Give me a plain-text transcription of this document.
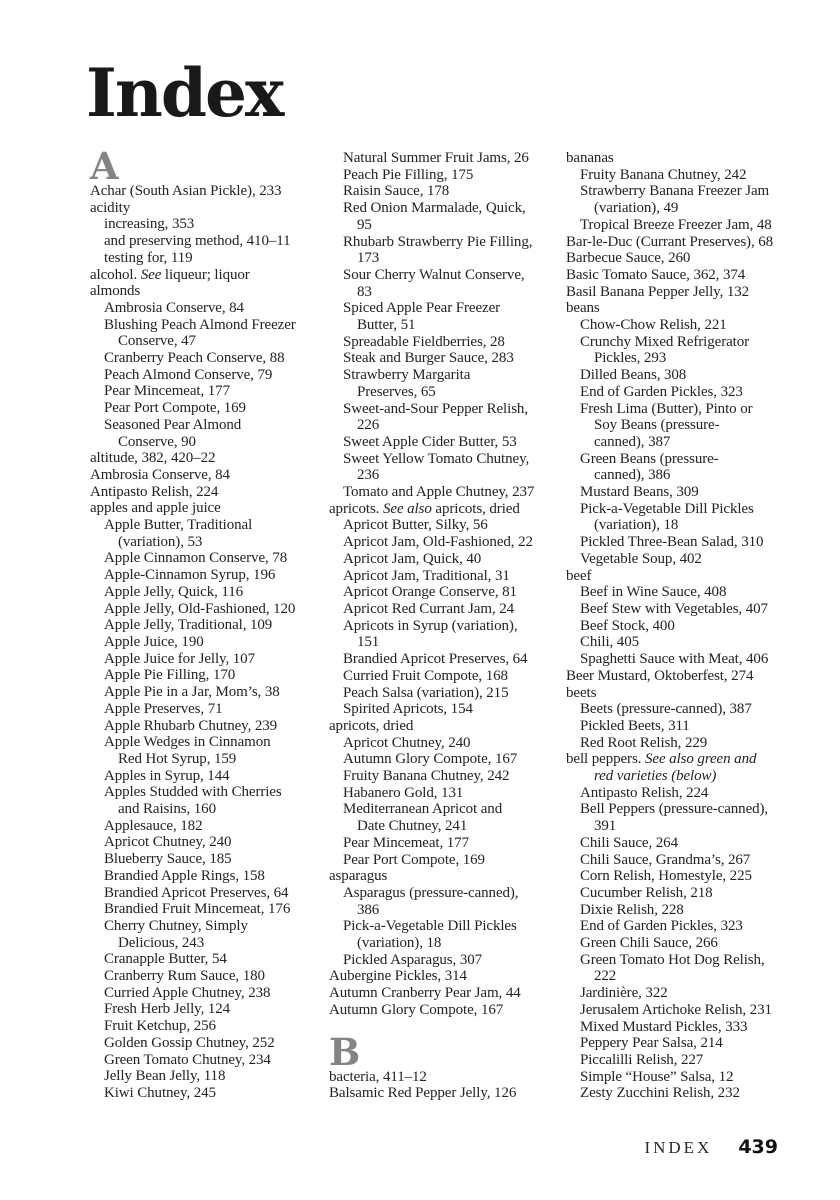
Index
A
Achar (South Asian Pickle), 233
acidity
increasing, 353
and preserving method, 410–11
testing for, 119
alcohol. See liqueur; liquor
almonds
Ambrosia Conserve, 84
Blushing Peach Almond Freezer
Conserve, 47
Cranberry Peach Conserve, 88
Peach Almond Conserve, 79
Pear Mincemeat, 177
Pear Port Compote, 169
Seasoned Pear Almond
Conserve, 90
altitude, 382, 420–22
Ambrosia Conserve, 84
Antipasto Relish, 224
apples and apple juice
Apple Butter, Traditional
(variation), 53
Apple Cinnamon Conserve, 78
Apple-Cinnamon Syrup, 196
Apple Jelly, Quick, 116
Apple Jelly, Old-Fashioned, 120
Apple Jelly, Traditional, 109
Apple Juice, 190
Apple Juice for Jelly, 107
Apple Pie Filling, 170
Apple Pie in a Jar, Mom’s, 38
Apple Preserves, 71
Apple Rhubarb Chutney, 239
Apple Wedges in Cinnamon
Red Hot Syrup, 159
Apples in Syrup, 144
Apples Studded with Cherries
and Raisins, 160
Applesauce, 182
Apricot Chutney, 240
Blueberry Sauce, 185
Brandied Apple Rings, 158
Brandied Apricot Preserves, 64
Brandied Fruit Mincemeat, 176
Cherry Chutney, Simply
Delicious, 243
Cranapple Butter, 54
Cranberry Rum Sauce, 180
Curried Apple Chutney, 238
Fresh Herb Jelly, 124
Fruit Ketchup, 256
Golden Gossip Chutney, 252
Green Tomato Chutney, 234
Jelly Bean Jelly, 118
Kiwi Chutney, 245
Natural Summer Fruit Jams, 26
Peach Pie Filling, 175
Raisin Sauce, 178
Red Onion Marmalade, Quick,
95
Rhubarb Strawberry Pie Filling,
173
Sour Cherry Walnut Conserve,
83
Spiced Apple Pear Freezer
Butter, 51
Spreadable Fieldberries, 28
Steak and Burger Sauce, 283
Strawberry Margarita
Preserves, 65
Sweet-and-Sour Pepper Relish,
226
Sweet Apple Cider Butter, 53
Sweet Yellow Tomato Chutney,
236
Tomato and Apple Chutney, 237
apricots. See also apricots, dried
Apricot Butter, Silky, 56
Apricot Jam, Old-Fashioned, 22
Apricot Jam, Quick, 40
Apricot Jam, Traditional, 31
Apricot Orange Conserve, 81
Apricot Red Currant Jam, 24
Apricots in Syrup (variation),
151
Brandied Apricot Preserves, 64
Curried Fruit Compote, 168
Peach Salsa (variation), 215
Spirited Apricots, 154
apricots, dried
Apricot Chutney, 240
Autumn Glory Compote, 167
Fruity Banana Chutney, 242
Habanero Gold, 131
Mediterranean Apricot and
Date Chutney, 241
Pear Mincemeat, 177
Pear Port Compote, 169
asparagus
Asparagus (pressure-canned),
386
Pick-a-Vegetable Dill Pickles
(variation), 18
Pickled Asparagus, 307
Aubergine Pickles, 314
Autumn Cranberry Pear Jam, 44
Autumn Glory Compote, 167
B
bacteria, 411–12
Balsamic Red Pepper Jelly, 126
bananas
Fruity Banana Chutney, 242
Strawberry Banana Freezer Jam
(variation), 49
Tropical Breeze Freezer Jam, 48
Bar-le-Duc (Currant Preserves), 68
Barbecue Sauce, 260
Basic Tomato Sauce, 362, 374
Basil Banana Pepper Jelly, 132
beans
Chow-Chow Relish, 221
Crunchy Mixed Refrigerator
Pickles, 293
Dilled Beans, 308
End of Garden Pickles, 323
Fresh Lima (Butter), Pinto or
Soy Beans (pressure-
canned), 387
Green Beans (pressure-
canned), 386
Mustard Beans, 309
Pick-a-Vegetable Dill Pickles
(variation), 18
Pickled Three-Bean Salad, 310
Vegetable Soup, 402
beef
Beef in Wine Sauce, 408
Beef Stew with Vegetables, 407
Beef Stock, 400
Chili, 405
Spaghetti Sauce with Meat, 406
Beer Mustard, Oktoberfest, 274
beets
Beets (pressure-canned), 387
Pickled Beets, 311
Red Root Relish, 229
bell peppers. See also green and
red varieties (below)
Antipasto Relish, 224
Bell Peppers (pressure-canned),
391
Chili Sauce, 264
Chili Sauce, Grandma’s, 267
Corn Relish, Homestyle, 225
Cucumber Relish, 218
Dixie Relish, 228
End of Garden Pickles, 323
Green Chili Sauce, 266
Green Tomato Hot Dog Relish,
222
Jardinière, 322
Jerusalem Artichoke Relish, 231
Mixed Mustard Pickles, 333
Peppery Pear Salsa, 214
Piccalilli Relish, 227
Simple “House” Salsa, 12
Zesty Zucchini Relish, 232
INDEX 439
